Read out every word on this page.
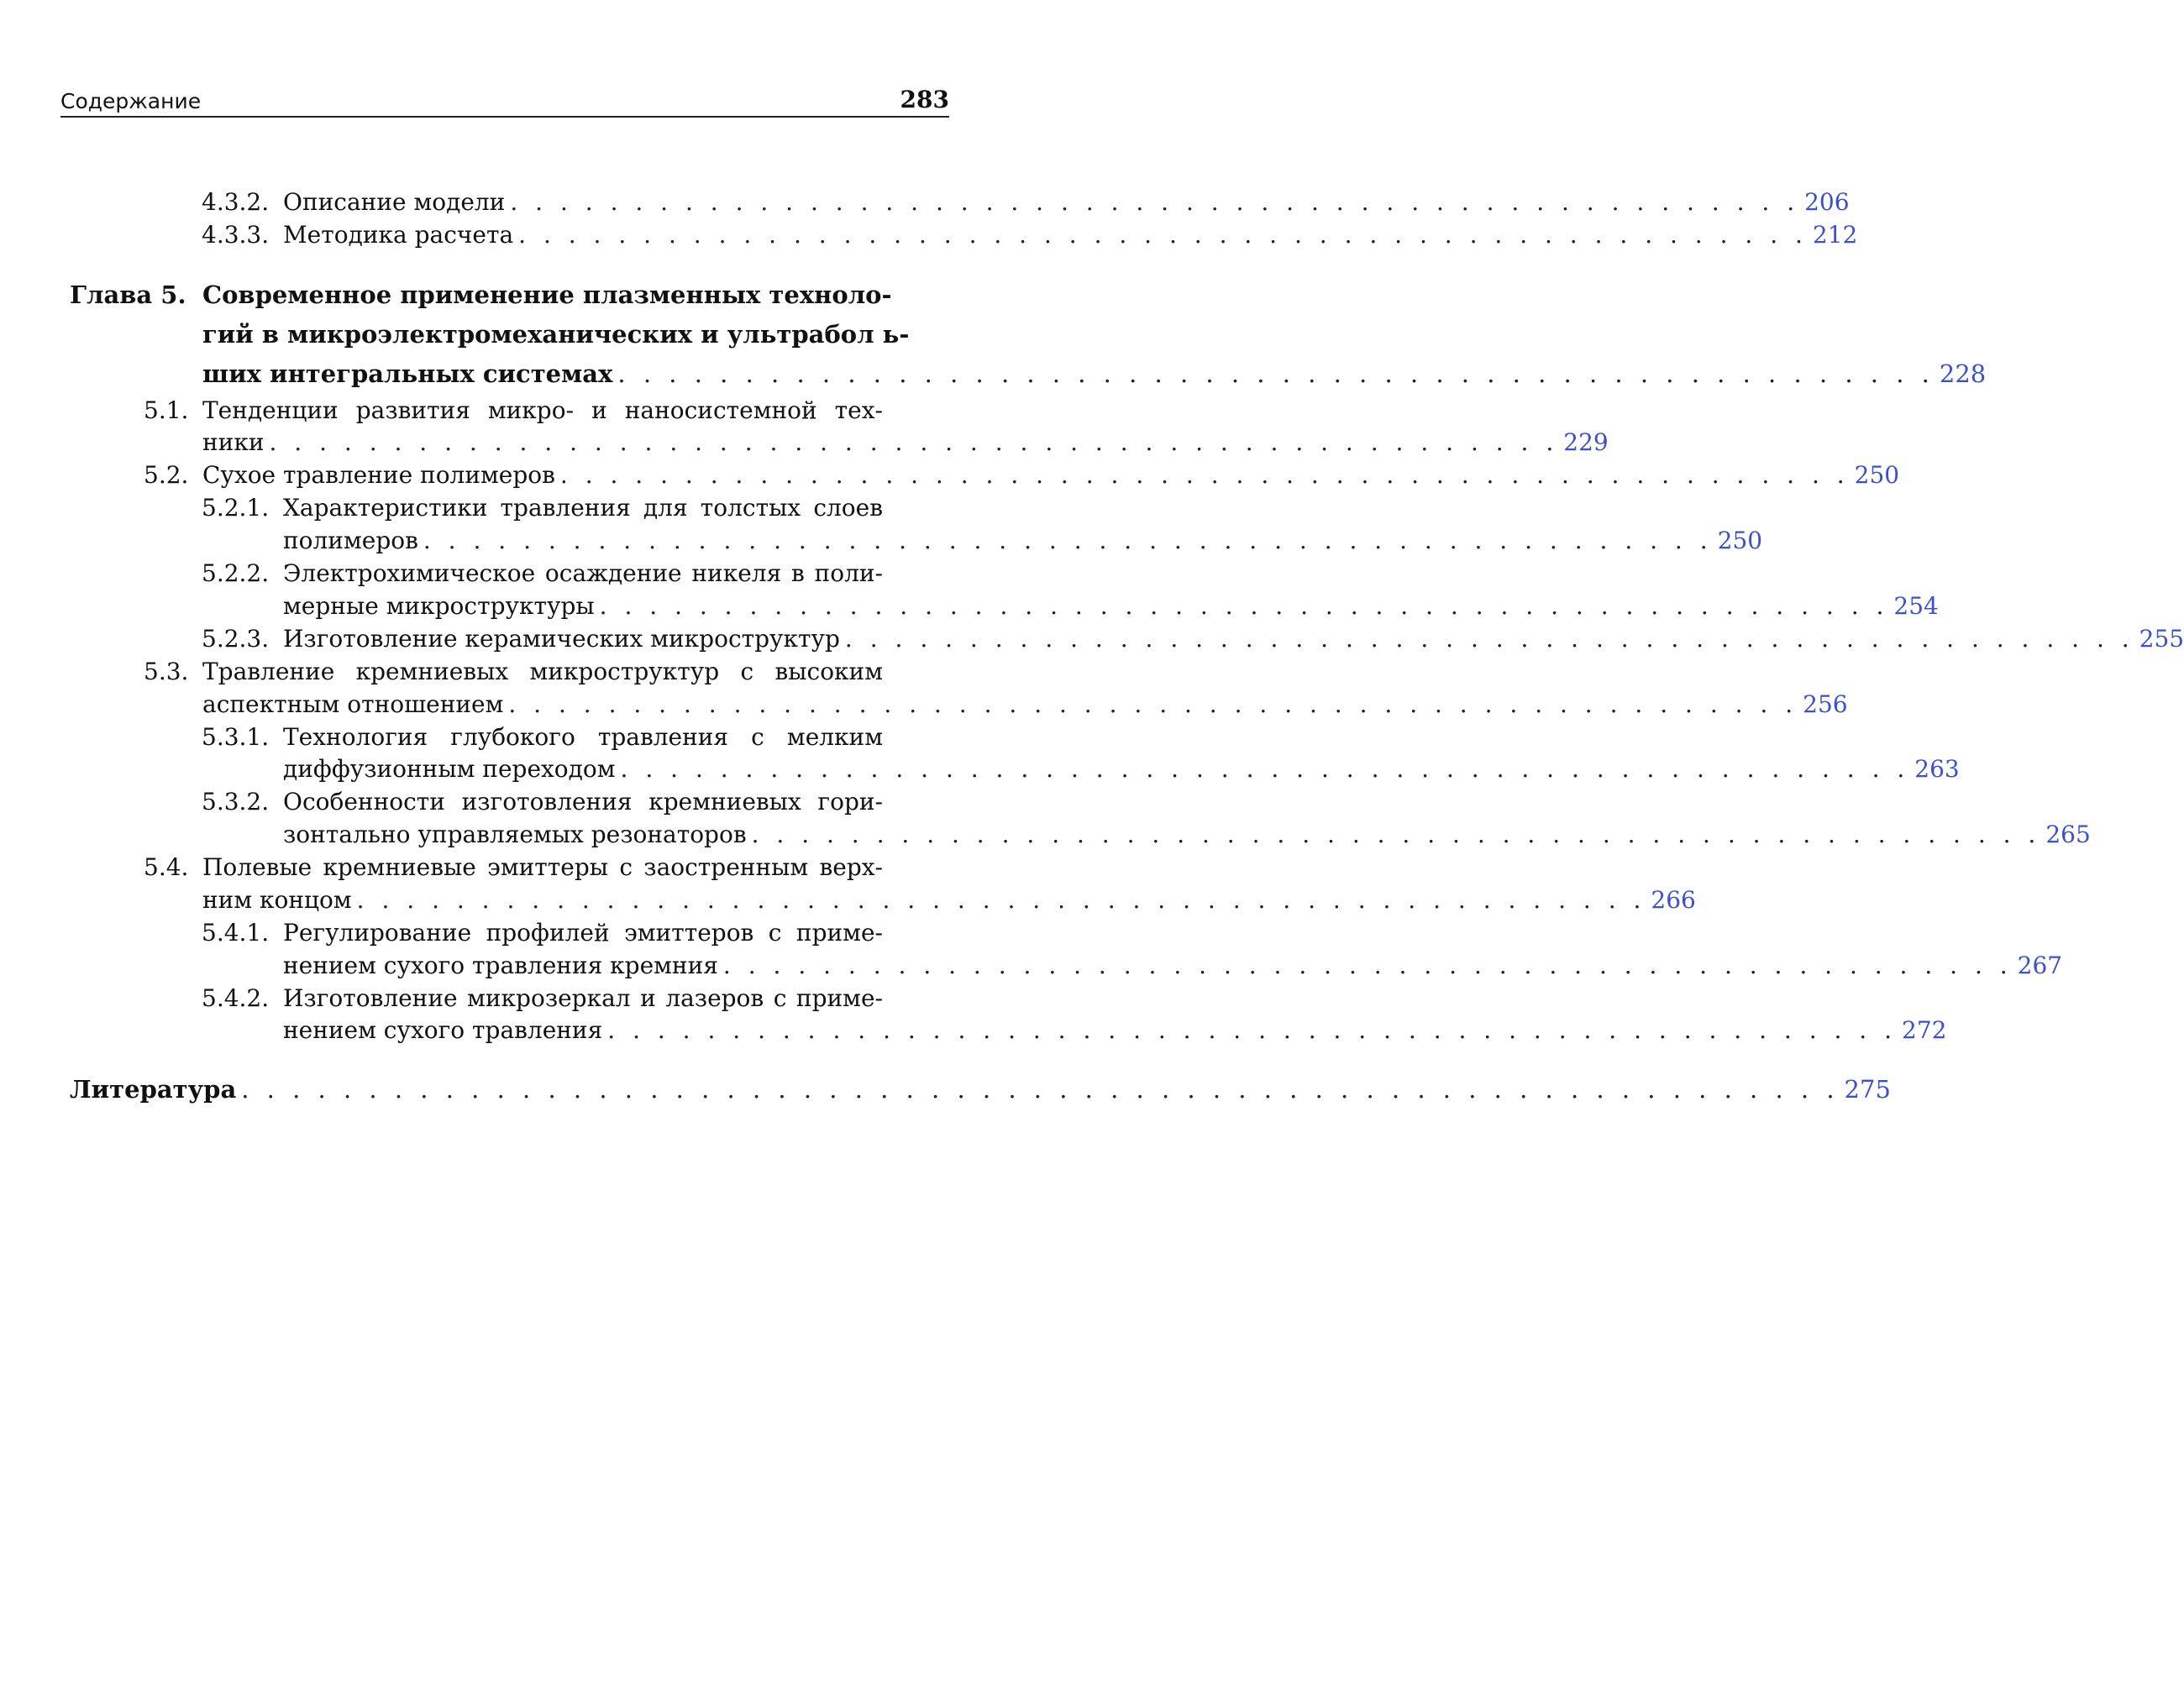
Содержание	283
4.3.2. Описание модели . . . . . . . . . . . . . . . . . . . . . . . . . . . . . . . . . . . . . . . . . . . . . . . . . . . . 206
4.3.3. Методика расчета . . . . . . . . . . . . . . . . . . . . . . . . . . . . . . . . . . . . . . . . . . . . . . . . . . . . 212
Глава 5. Современное применение плазменных техноло-
гий в микроэлектромеханических и ультрабол ь-
ших интегральных системах . . . . . . . . . . . . . . . . . . . . . . . . . . . . . . . . . . . . . . . . . . . . . . . . . . . . 228
5.1. Тенденции развития микро- и наносистемной тех-
ники . . . . . . . . . . . . . . . . . . . . . . . . . . . . . . . . . . . . . . . . . . . . . . . . . . . . 229
5.2. Сухое травление полимеров . . . . . . . . . . . . . . . . . . . . . . . . . . . . . . . . . . . . . . . . . . . . . . . . . . . . 250
5.2.1. Характеристики травления для толстых слоев
полимеров . . . . . . . . . . . . . . . . . . . . . . . . . . . . . . . . . . . . . . . . . . . . . . . . . . . . 250
5.2.2. Электрохимическое осаждение никеля в поли-
мерные микроструктуры . . . . . . . . . . . . . . . . . . . . . . . . . . . . . . . . . . . . . . . . . . . . . . . . . . . . 254
5.2.3. Изготовление керамических микроструктур . . . . . . . . . . . . . . . . . . . . . . . . . . . . . . . . . . . . . . . . . . . . . . . . . . . . 255
5.3. Травление кремниевых микроструктур с высоким
аспектным отношением . . . . . . . . . . . . . . . . . . . . . . . . . . . . . . . . . . . . . . . . . . . . . . . . . . . . 256
5.3.1. Технология глубокого травления с мелким
диффузионным переходом . . . . . . . . . . . . . . . . . . . . . . . . . . . . . . . . . . . . . . . . . . . . . . . . . . . . 263
5.3.2. Особенности изготовления кремниевых гори-
зонтально управляемых резонаторов . . . . . . . . . . . . . . . . . . . . . . . . . . . . . . . . . . . . . . . . . . . . . . . . . . . . 265
5.4. Полевые кремниевые эмиттеры с заостренным верх-
ним концом . . . . . . . . . . . . . . . . . . . . . . . . . . . . . . . . . . . . . . . . . . . . . . . . . . . . 266
5.4.1. Регулирование профилей эмиттеров с приме-
нением сухого травления кремния . . . . . . . . . . . . . . . . . . . . . . . . . . . . . . . . . . . . . . . . . . . . . . . . . . . . 267
5.4.2. Изготовление микрозеркал и лазеров с приме-
нением сухого травления . . . . . . . . . . . . . . . . . . . . . . . . . . . . . . . . . . . . . . . . . . . . . . . . . . . . 272
Литература . . . . . . . . . . . . . . . . . . . . . . . . . . . . . . . . . . . . . . . . . . . . . . . . . . . . . . . . . . . . . . . 275
